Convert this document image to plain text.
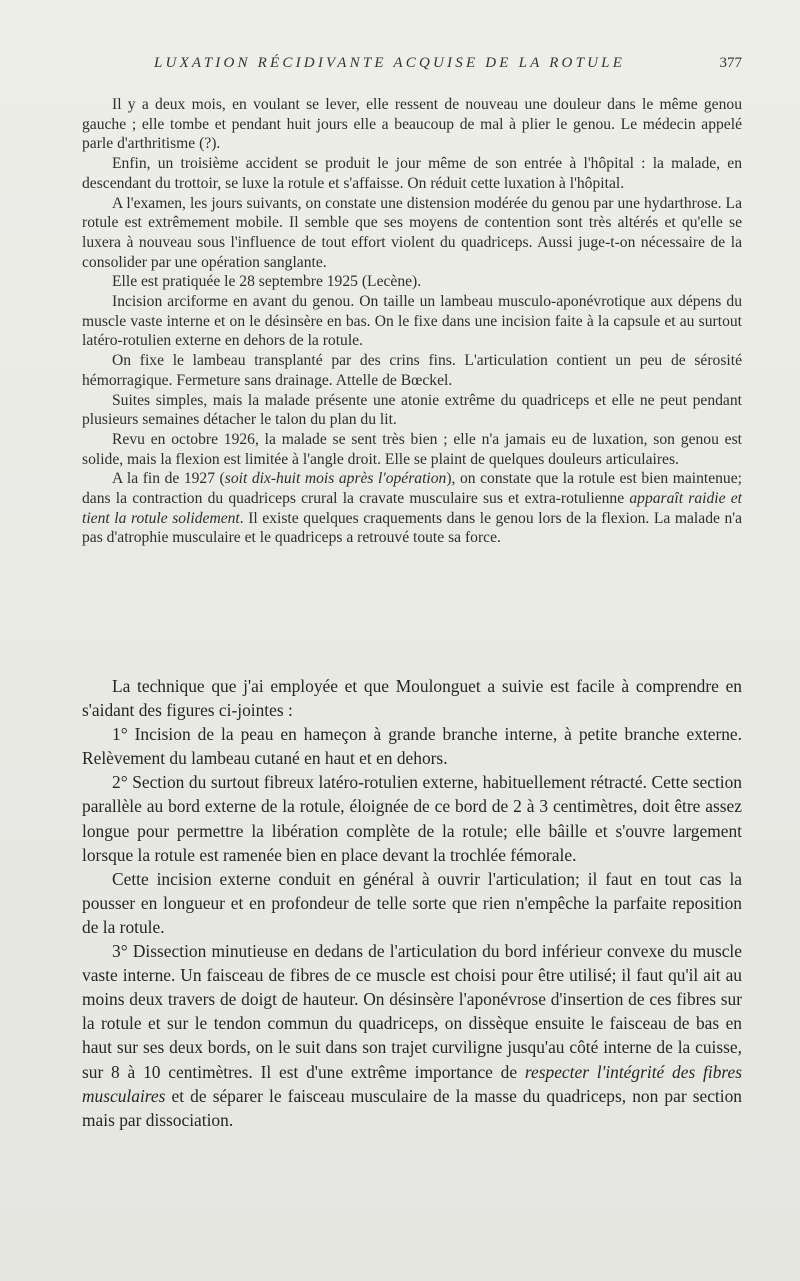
LUXATION RÉCIDIVANTE ACQUISE DE LA ROTULE	377

Il y a deux mois, en voulant se lever, elle ressent de nouveau une douleur dans le même genou gauche ; elle tombe et pendant huit jours elle a beaucoup de mal à plier le genou. Le médecin appelé parle d'arthritisme (?).

Enfin, un troisième accident se produit le jour même de son entrée à l'hôpital : la malade, en descendant du trottoir, se luxe la rotule et s'affaisse. On réduit cette luxation à l'hôpital.

A l'examen, les jours suivants, on constate une distension modérée du genou par une hydarthrose. La rotule est extrêmement mobile. Il semble que ses moyens de contention sont très altérés et qu'elle se luxera à nouveau sous l'influence de tout effort violent du quadriceps. Aussi juge-t-on nécessaire de la consolider par une opération sanglante.

Elle est pratiquée le 28 septembre 1925 (Lecène).

Incision arciforme en avant du genou. On taille un lambeau musculo-aponévrotique aux dépens du muscle vaste interne et on le désinsère en bas. On le fixe dans une incision faite à la capsule et au surtout latéro-rotulien externe en dehors de la rotule.

On fixe le lambeau transplanté par des crins fins. L'articulation contient un peu de sérosité hémorragique. Fermeture sans drainage. Attelle de Bœckel.

Suites simples, mais la malade présente une atonie extrême du quadriceps et elle ne peut pendant plusieurs semaines détacher le talon du plan du lit.

Revu en octobre 1926, la malade se sent très bien ; elle n'a jamais eu de luxation, son genou est solide, mais la flexion est limitée à l'angle droit. Elle se plaint de quelques douleurs articulaires.

A la fin de 1927 (soit dix-huit mois après l'opération), on constate que la rotule est bien maintenue; dans la contraction du quadriceps crural la cravate musculaire sus et extra-rotulienne apparaît raidie et tient la rotule solidement. Il existe quelques craquements dans le genou lors de la flexion. La malade n'a pas d'atrophie musculaire et le quadriceps a retrouvé toute sa force.

La technique que j'ai employée et que Moulonguet a suivie est facile à comprendre en s'aidant des figures ci-jointes :

1° Incision de la peau en hameçon à grande branche interne, à petite branche externe. Relèvement du lambeau cutané en haut et en dehors.

2° Section du surtout fibreux latéro-rotulien externe, habituellement rétracté. Cette section parallèle au bord externe de la rotule, éloignée de ce bord de 2 à 3 centimètres, doit être assez longue pour permettre la libération complète de la rotule; elle bâille et s'ouvre largement lorsque la rotule est ramenée bien en place devant la trochlée fémorale.

Cette incision externe conduit en général à ouvrir l'articulation; il faut en tout cas la pousser en longueur et en profondeur de telle sorte que rien n'empêche la parfaite reposition de la rotule.

3° Dissection minutieuse en dedans de l'articulation du bord inférieur convexe du muscle vaste interne. Un faisceau de fibres de ce muscle est choisi pour être utilisé; il faut qu'il ait au moins deux travers de doigt de hauteur. On désinsère l'aponévrose d'insertion de ces fibres sur la rotule et sur le tendon commun du quadriceps, on dissèque ensuite le faisceau de bas en haut sur ses deux bords, on le suit dans son trajet curviligne jusqu'au côté interne de la cuisse, sur 8 à 10 centimètres. Il est d'une extrême importance de respecter l'intégrité des fibres musculaires et de séparer le faisceau musculaire de la masse du quadriceps, non par section mais par dissociation.
